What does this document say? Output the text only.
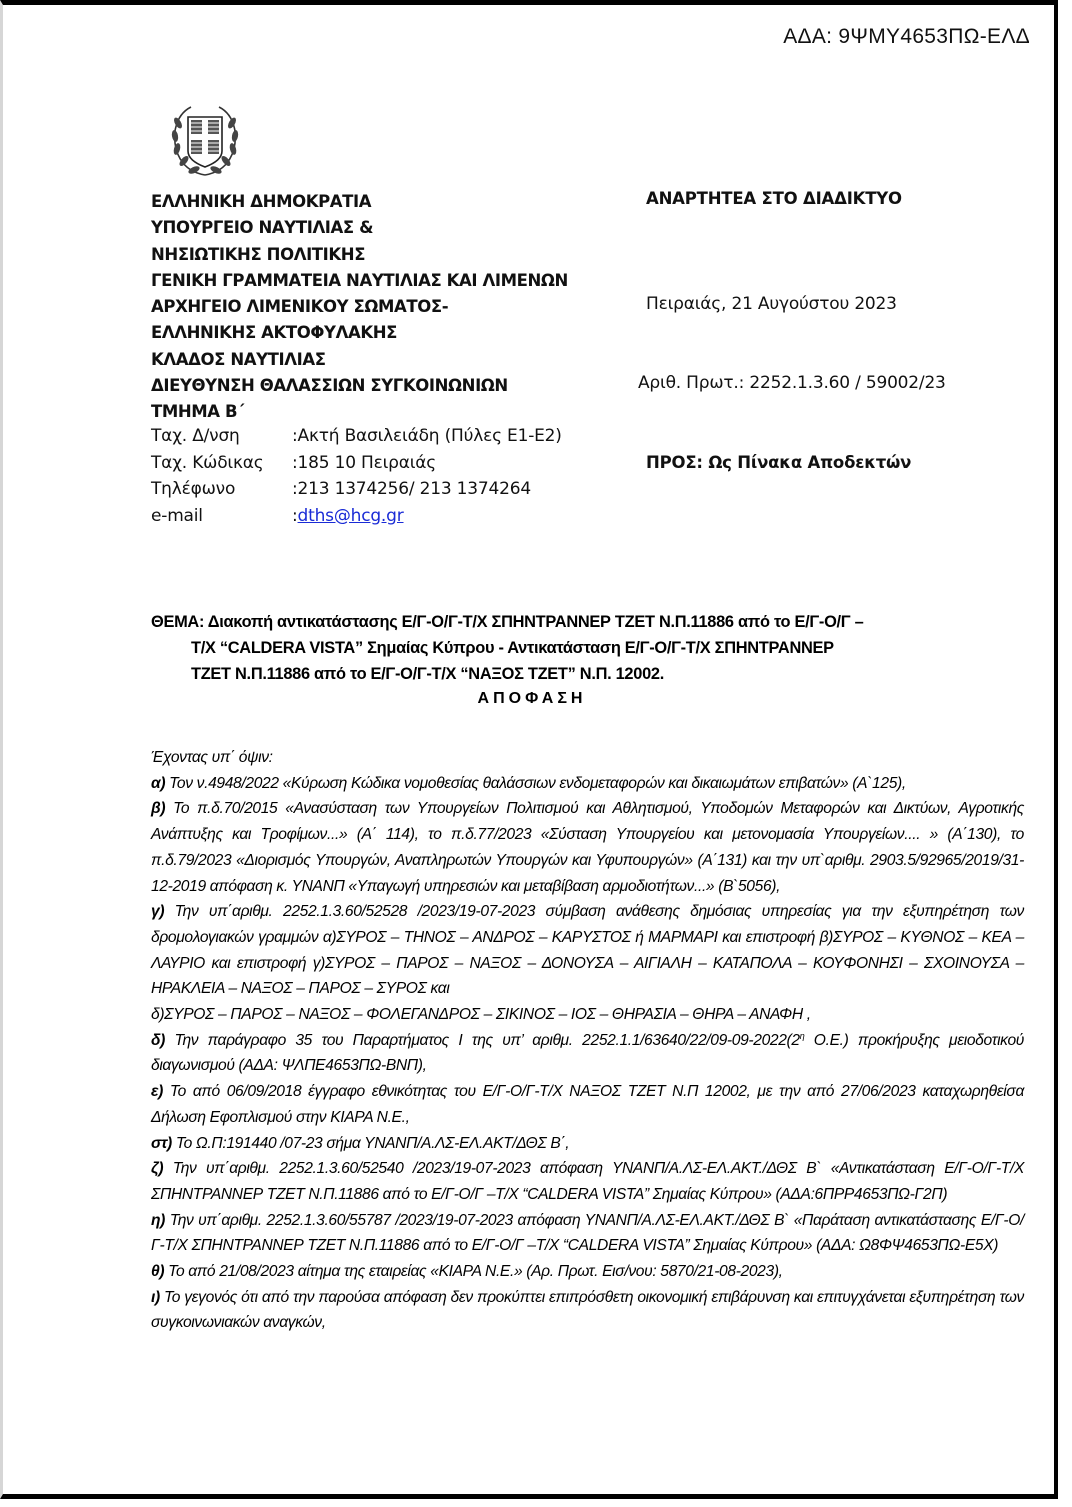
ΑΔΑ: 9ΨΜΥ4653ΠΩ-ΕΛΔ
ΕΛΛΗΝΙΚΗ ΔΗΜΟΚΡΑΤΙΑ
ΥΠΟΥΡΓΕΙΟ ΝΑΥΤΙΛΙΑΣ &
ΝΗΣΙΩΤΙΚΗΣ ΠΟΛΙΤΙΚΗΣ
ΓΕΝΙΚΗ ΓΡΑΜΜΑΤΕΙΑ ΝΑΥΤΙΛΙΑΣ ΚΑΙ ΛΙΜΕΝΩΝ
ΑΡΧΗΓΕΙΟ ΛΙΜΕΝΙΚΟΥ ΣΩΜΑΤΟΣ-
ΕΛΛΗΝΙΚΗΣ ΑΚΤΟΦΥΛΑΚΗΣ
ΚΛΑΔΟΣ ΝΑΥΤΙΛΙΑΣ
ΔΙΕΥΘΥΝΣΗ ΘΑΛΑΣΣΙΩΝ ΣΥΓΚΟΙΝΩΝΙΩΝ
ΤΜΗΜΑ Β΄
Ταχ. Δ/νση	:Ακτή Βασιλειάδη (Πύλες Ε1-Ε2)
Ταχ. Κώδικας	:185 10 Πειραιάς
Τηλέφωνο	:213 1374256/ 213 1374264
e-mail	: dths@hcg.gr
ΑΝΑΡΤΗΤΕΑ ΣΤΟ ΔΙΑΔΙΚΤΥΟ
Πειραιάς, 21 Αυγούστου 2023
Αριθ. Πρωτ.: 2252.1.3.60 / 59002/23
ΠΡΟΣ: Ως Πίνακα Αποδεκτών
ΘΕΜΑ: Διακοπή αντικατάστασης Ε/Γ-Ο/Γ-Τ/Χ ΣΠΗΝΤΡΑΝΝΕΡ ΤΖΕΤ Ν.Π.11886 από το Ε/Γ-Ο/Γ –
Τ/Χ “CALDERA VISTA” Σημαίας Κύπρου - Αντικατάσταση Ε/Γ-Ο/Γ-Τ/Χ ΣΠΗΝΤΡΑΝΝΕΡ
ΤΖΕΤ Ν.Π.11886 από το Ε/Γ-Ο/Γ-Τ/Χ “ΝΑΞΟΣ ΤΖΕΤ” Ν.Π. 12002.
ΑΠΟΦΑΣΗ

Έχοντας υπ΄ όψιν:

α) Τον ν.4948/2022 «Κύρωση Κώδικα νομοθεσίας θαλάσσιων ενδομεταφορών και δικαιωμάτων επιβατών» (Α`125),

β) Το π.δ.70/2015 «Ανασύσταση των Υπουργείων Πολιτισμού και Αθλητισμού, Υποδομών Μεταφορών και Δικτύων, Αγροτικής Ανάπτυξης και Τροφίμων...» (Α΄ 114), το π.δ.77/2023 «Σύσταση Υπουργείου και μετονομασία Υπουργείων.... » (Α΄130), το π.δ.79/2023 «Διορισμός Υπουργών, Αναπληρωτών Υπουργών και Υφυπουργών» (Α΄131) και την υπ`αριθμ. 2903.5/92965/2019/31-12-2019 απόφαση κ. ΥΝΑΝΠ «Υπαγωγή υπηρεσιών και μεταβίβαση αρμοδιοτήτων...» (Β`5056),

γ) Την υπ΄αριθμ. 2252.1.3.60/52528 /2023/19-07-2023 σύμβαση ανάθεσης δημόσιας υπηρεσίας για την εξυπηρέτηση των δρομολογιακών γραμμών α)ΣΥΡΟΣ – ΤΗΝΟΣ – ΑΝΔΡΟΣ – ΚΑΡΥΣΤΟΣ ή ΜΑΡΜΑΡΙ και επιστροφή β)ΣΥΡΟΣ – ΚΥΘΝΟΣ – ΚΕΑ – ΛΑΥΡΙΟ και επιστροφή γ)ΣΥΡΟΣ – ΠΑΡΟΣ – ΝΑΞΟΣ – ΔΟΝΟΥΣΑ – ΑΙΓΙΑΛΗ – ΚΑΤΑΠΟΛΑ – ΚΟΥΦΟΝΗΣΙ – ΣΧΟΙΝΟΥΣΑ – ΗΡΑΚΛΕΙΑ – ΝΑΞΟΣ – ΠΑΡΟΣ – ΣΥΡΟΣ και

δ)ΣΥΡΟΣ – ΠΑΡΟΣ – ΝΑΞΟΣ – ΦΟΛΕΓΑΝΔΡΟΣ – ΣΙΚΙΝΟΣ – ΙΟΣ – ΘΗΡΑΣΙΑ – ΘΗΡΑ – ΑΝΑΦΗ ,

δ) Την παράγραφο 35 του Παραρτήματος Ι της υπ’ αριθμ. $2252.1.1/63640/22/09-09-2022(2^\eta$ Ο.Ε.) προκήρυξης μειοδοτικού διαγωνισμού (ΑΔΑ: ΨΛΠΕ4653ΠΩ-ΒΝΠ),

ε) Το από 06/09/2018 έγγραφο εθνικότητας του Ε/Γ-Ο/Γ-Τ/Χ ΝΑΞΟΣ ΤΖΕΤ Ν.Π 12002, με την από 27/06/2023 καταχωρηθείσα Δήλωση Εφοπλισμού στην ΚΙΑΡΑ Ν.Ε.,

στ) Το Ω.Π:191440 /07-23 σήμα ΥΝΑΝΠ/Α.ΛΣ-ΕΛ.ΑΚΤ/ΔΘΣ Β΄,

ζ) Την υπ΄αριθμ. 2252.1.3.60/52540 /2023/19-07-2023 απόφαση ΥΝΑΝΠ/Α.ΛΣ-ΕΛ.ΑΚΤ./ΔΘΣ Β` «Αντικατάσταση Ε/Γ-Ο/Γ-Τ/Χ ΣΠΗΝΤΡΑΝΝΕΡ ΤΖΕΤ Ν.Π.11886 από το Ε/Γ-Ο/Γ –Τ/Χ “CALDERA VISTA” Σημαίας Κύπρου» (ΑΔΑ:6ΠΡΡ4653ΠΩ-Γ2Π)

η) Την υπ΄αριθμ. 2252.1.3.60/55787 /2023/19-07-2023 απόφαση ΥΝΑΝΠ/Α.ΛΣ-ΕΛ.ΑΚΤ./ΔΘΣ Β` «Παράταση αντικατάστασης Ε/Γ-Ο/Γ-Τ/Χ ΣΠΗΝΤΡΑΝΝΕΡ ΤΖΕΤ Ν.Π.11886 από το Ε/Γ-Ο/Γ –Τ/Χ “CALDERA VISTA” Σημαίας Κύπρου» (ΑΔΑ: Ω8ΦΨ4653ΠΩ-Ε5Χ)

θ) Το από 21/08/2023 αίτημα της εταιρείας «ΚΙΑΡΑ Ν.Ε.» (Αρ. Πρωτ. Εισ/νου: 5870/21-08-2023),

ι) Το γεγονός ότι από την παρούσα απόφαση δεν προκύπτει επιπρόσθετη οικονομική επιβάρυνση και επιτυγχάνεται εξυπηρέτηση των συγκοινωνιακών αναγκών,
